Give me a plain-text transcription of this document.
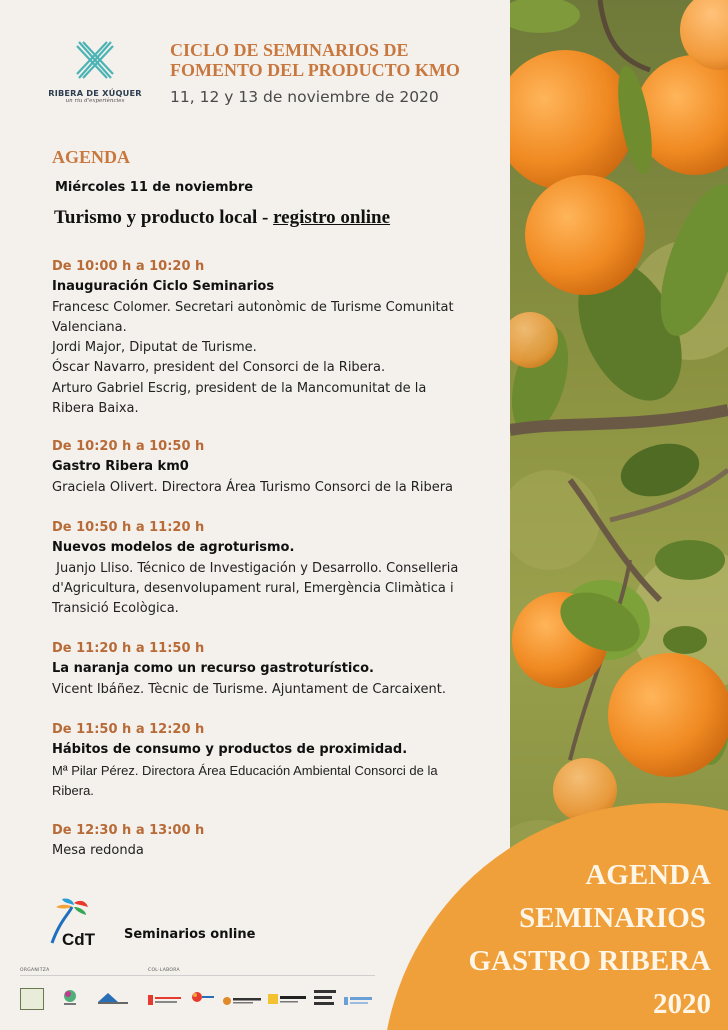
RIBERA DE XÚQUER
un riu d'experiències
CICLO DE SEMINARIOS DE
FOMENTO DEL PRODUCTO KMO
11, 12 y 13 de noviembre de 2020
AGENDA
Miércoles 11 de noviembre
Turismo y producto local - registro online
De 10:00 h a 10:20 h
Inauguración Ciclo Seminarios
Francesc Colomer. Secretari autonòmic de Turisme Comunitat
Valenciana.
Jordi Major, Diputat de Turisme.
Óscar Navarro, president del Consorci de la Ribera.
Arturo Gabriel Escrig, president de la Mancomunitat de la
Ribera Baixa.
De 10:20 h a 10:50 h
Gastro Ribera km0
Graciela Olivert. Directora Área Turismo Consorci de la Ribera
De 10:50 h a 11:20 h
Nuevos modelos de agroturismo.
Juanjo Lliso. Técnico de Investigación y Desarrollo. Conselleria
d'Agricultura, desenvolupament rural, Emergència Climàtica i
Transició Ecològica.
De 11:20 h a 11:50 h
La naranja como un recurso gastroturístico.
Vicent Ibáñez. Tècnic de Turisme. Ajuntament de Carcaixent.
De 11:50 h a 12:20 h
Hábitos de consumo y productos de proximidad.
Mª Pilar Pérez. Directora Área Educación Ambiental Consorci de la
Ribera.
De 12:30 h a 13:00 h
Mesa redonda
CdT Seminarios online
ORGANITZA	COL·LABORA
AGENDA
SEMINARIOS
GASTRO RIBERA
2020
